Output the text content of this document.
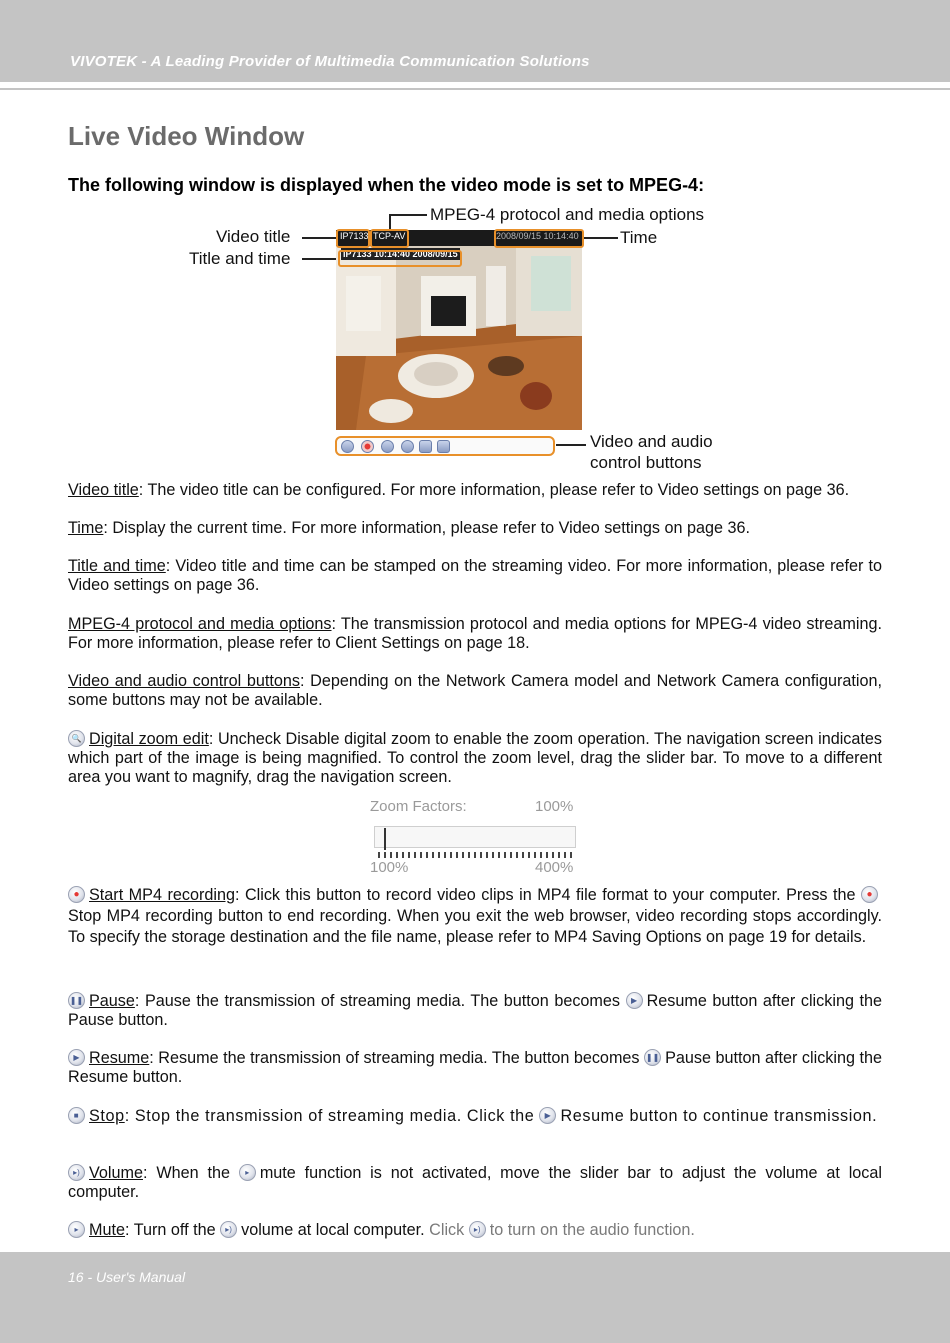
VIVOTEK - A Leading Provider of Multimedia Communication Solutions
Live Video Window
The following window is displayed when the video mode is set to MPEG-4:
MPEG-4 protocol and media options
Video title	Time
Title and time
IP7133 TCP-AV	2008/09/15 10:14:40
IP7133 10:14:40 2008/09/15
Video and audio
control buttons
Video title: The video title can be configured. For more information, please refer to Video settings on page 36.
Time: Display the current time. For more information, please refer to Video settings on page 36.
Title and time: Video title and time can be stamped on the streaming video. For more information, please refer to Video settings on page 36.
MPEG-4 protocol and media options: The transmission protocol and media options for MPEG-4 video streaming. For more information, please refer to Client Settings on page 18.
Video and audio control buttons: Depending on the Network Camera model and Network Camera configuration, some buttons may not be available.
🔍 Digital zoom edit: Uncheck Disable digital zoom to enable the zoom operation. The navigation screen indicates which part of the image is being magnified. To control the zoom level, drag the slider bar. To move to a different area you want to magnify, drag the navigation screen.
Zoom Factors:	100%
100%	400%
● Start MP4 recording: Click this button to record video clips in MP4 file format to your computer. Press the	●
Stop MP4 recording button to end recording. When you exit the web browser, video recording stops accordingly. To specify the storage destination and the file name, please refer to MP4 Saving Options on page 19 for details.
❚❚ Pause: Pause the transmission of streaming media. The button becomes	▶ Resume button after clicking the Pause button.
▶ Resume: Resume the transmission of streaming media. The button becomes ❚❚ Pause button after clicking the Resume button.
■ Stop: Stop the transmission of streaming media. Click the	▶ Resume button to continue transmission.
▸) Volume: When the	▸ mute function is not activated, move the slider bar to adjust the volume at local computer.
▸ Mute: Turn off the	▸) volume at local computer. Click	▸) to turn on the audio function.
16 - User's Manual
